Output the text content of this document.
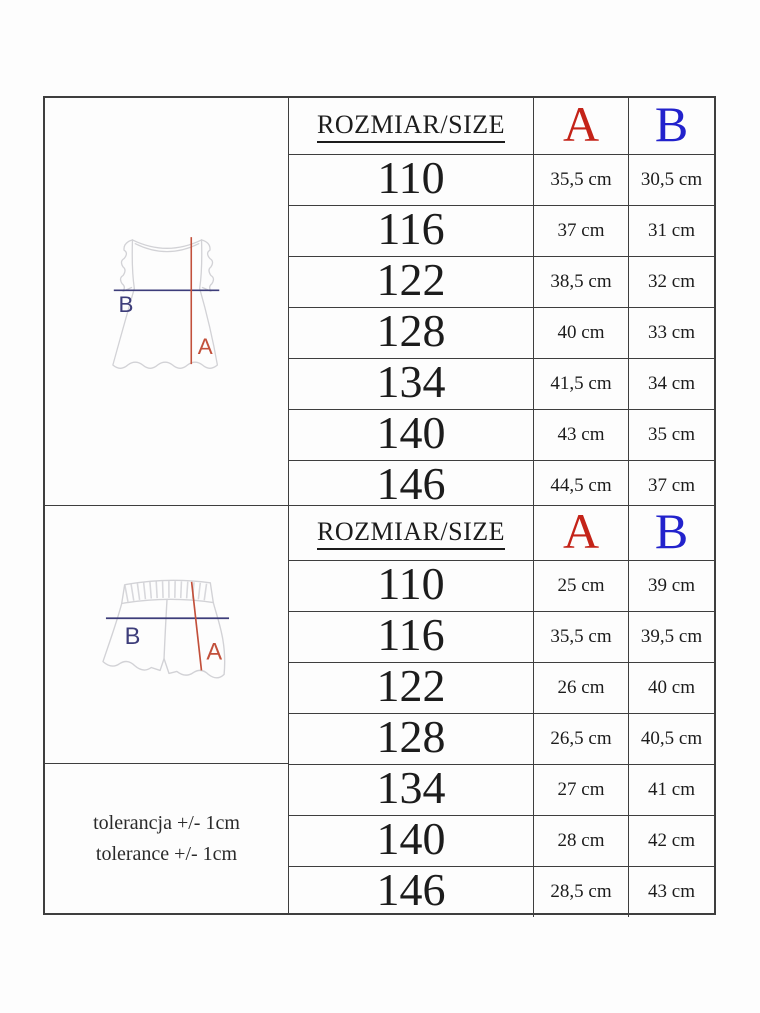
B
A
B
A
tolerancja +/- 1cm
tolerance +/- 1cm
ROZMIAR/SIZE	A	B
110	35,5 cm	30,5 cm
116	37 cm	31 cm
122	38,5 cm	32 cm
128	40 cm	33 cm
134	41,5 cm	34 cm
140	43 cm	35 cm
146	44,5 cm	37 cm
ROZMIAR/SIZE	A	B
110	25 cm	39 cm
116	35,5 cm	39,5 cm
122	26 cm	40 cm
128	26,5 cm	40,5 cm
134	27 cm	41 cm
140	28 cm	42 cm
146	28,5 cm	43 cm
